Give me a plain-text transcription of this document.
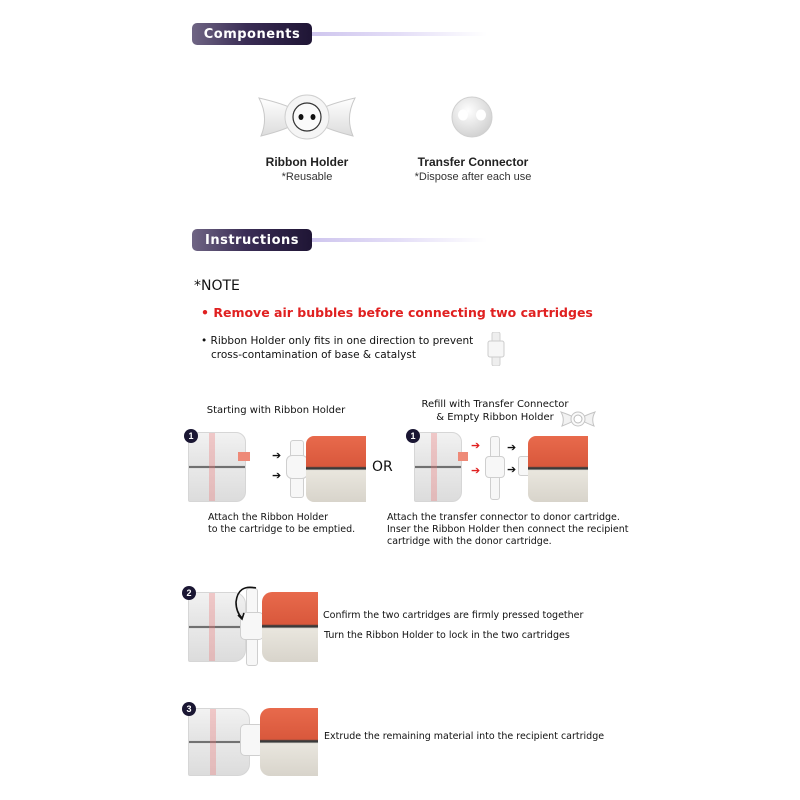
Components
Ribbon Holder
*Reusable
Transfer Connector
*Dispose after each use
Instructions
*NOTE
• Remove air bubbles before connecting two cartridges
• Ribbon Holder only fits in one direction to prevent
cross-contamination of base & catalyst
Starting with Ribbon Holder
1
➔
➔
Attach the Ribbon Holder
to the cartridge to be emptied.
OR
Refill with Transfer Connector
& Empty Ribbon Holder
1
➔
➔
➔
➔
Attach the transfer connector to donor cartridge.
Inser the Ribbon Holder then connect the recipient
cartridge with the donor cartridge.
2
Confirm the two cartridges are firmly pressed together
Turn the Ribbon Holder to lock in the two cartridges
3
Extrude the remaining material into the recipient cartridge
